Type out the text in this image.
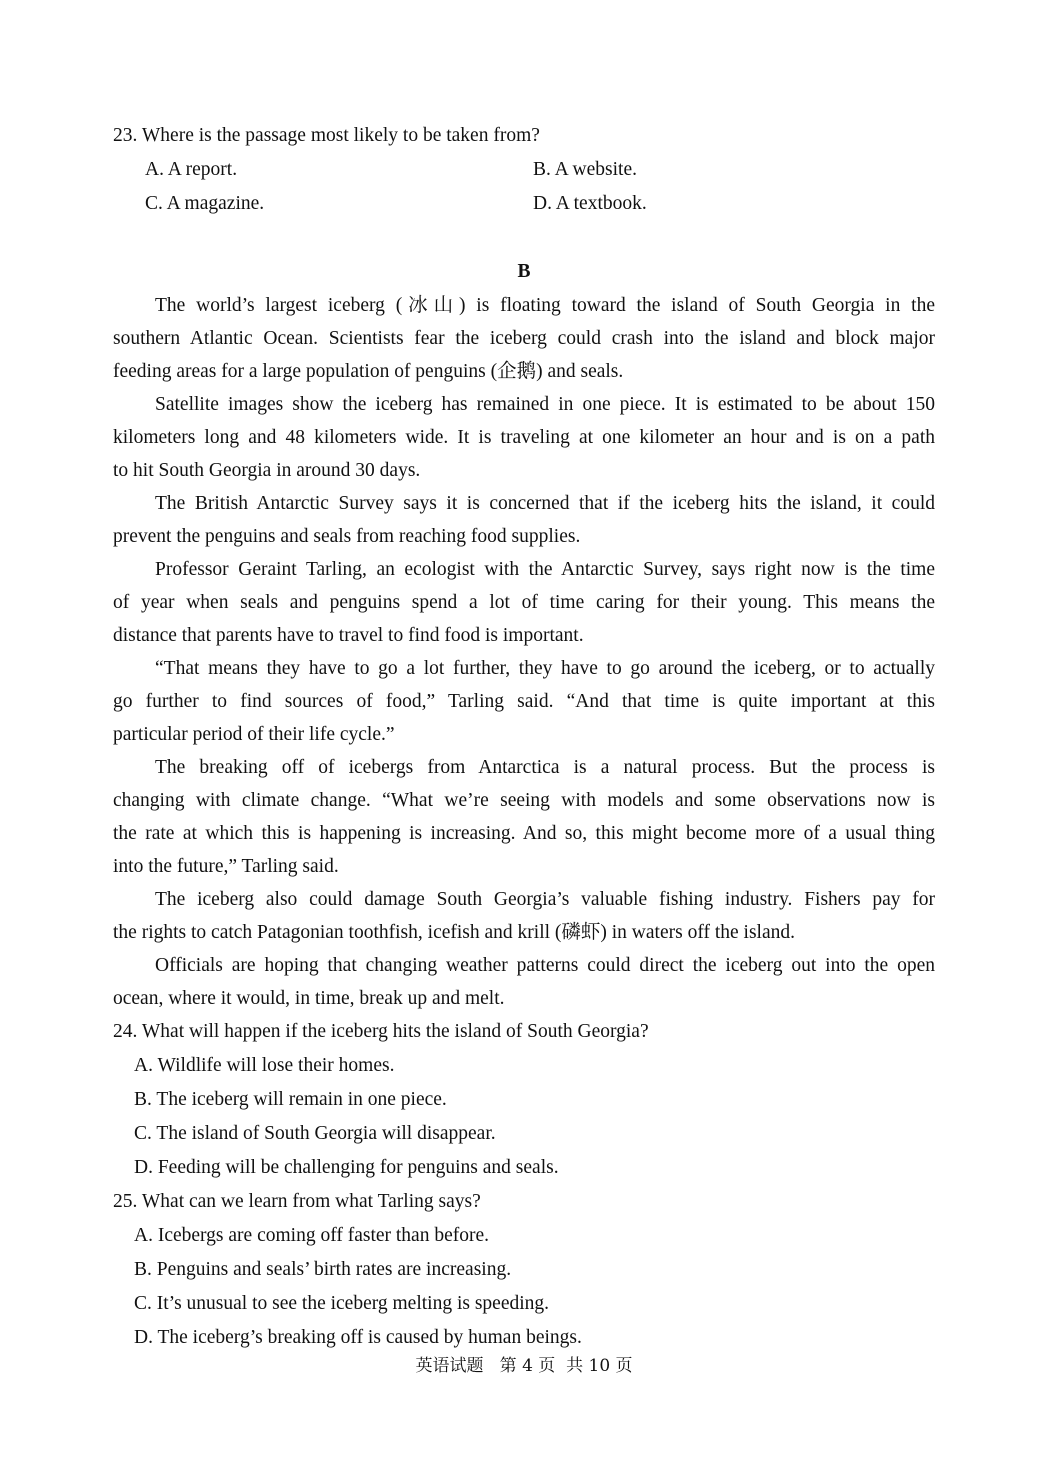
23. Where is the passage most likely to be taken from?
A. A report.	B. A website.
C. A magazine.	D. A textbook.
B
The world’s largest iceberg (冰山) is floating toward the island of South Georgia in the
southern Atlantic Ocean. Scientists fear the iceberg could crash into the island and block major
feeding areas for a large population of penguins (企鹅) and seals.
Satellite images show the iceberg has remained in one piece. It is estimated to be about 150
kilometers long and 48 kilometers wide. It is traveling at one kilometer an hour and is on a path
to hit South Georgia in around 30 days.
The British Antarctic Survey says it is concerned that if the iceberg hits the island, it could
prevent the penguins and seals from reaching food supplies.
Professor Geraint Tarling, an ecologist with the Antarctic Survey, says right now is the time
of year when seals and penguins spend a lot of time caring for their young. This means the
distance that parents have to travel to find food is important.
“That means they have to go a lot further, they have to go around the iceberg, or to actually
go further to find sources of food,” Tarling said. “And that time is quite important at this
particular period of their life cycle.”
The breaking off of icebergs from Antarctica is a natural process. But the process is
changing with climate change. “What we’re seeing with models and some observations now is
the rate at which this is happening is increasing. And so, this might become more of a usual thing
into the future,” Tarling said.
The iceberg also could damage South Georgia’s valuable fishing industry. Fishers pay for
the rights to catch Patagonian toothfish, icefish and krill (磷虾) in waters off the island.
Officials are hoping that changing weather patterns could direct the iceberg out into the open
ocean, where it would, in time, break up and melt.
24. What will happen if the iceberg hits the island of South Georgia?
A. Wildlife will lose their homes.
B. The iceberg will remain in one piece.
C. The island of South Georgia will disappear.
D. Feeding will be challenging for penguins and seals.
25. What can we learn from what Tarling says?
A. Icebergs are coming off faster than before.
B. Penguins and seals’ birth rates are increasing.
C. It’s unusual to see the iceberg melting is speeding.
D. The iceberg’s breaking off is caused by human beings.
英语试题   第 4 页  共 10 页
